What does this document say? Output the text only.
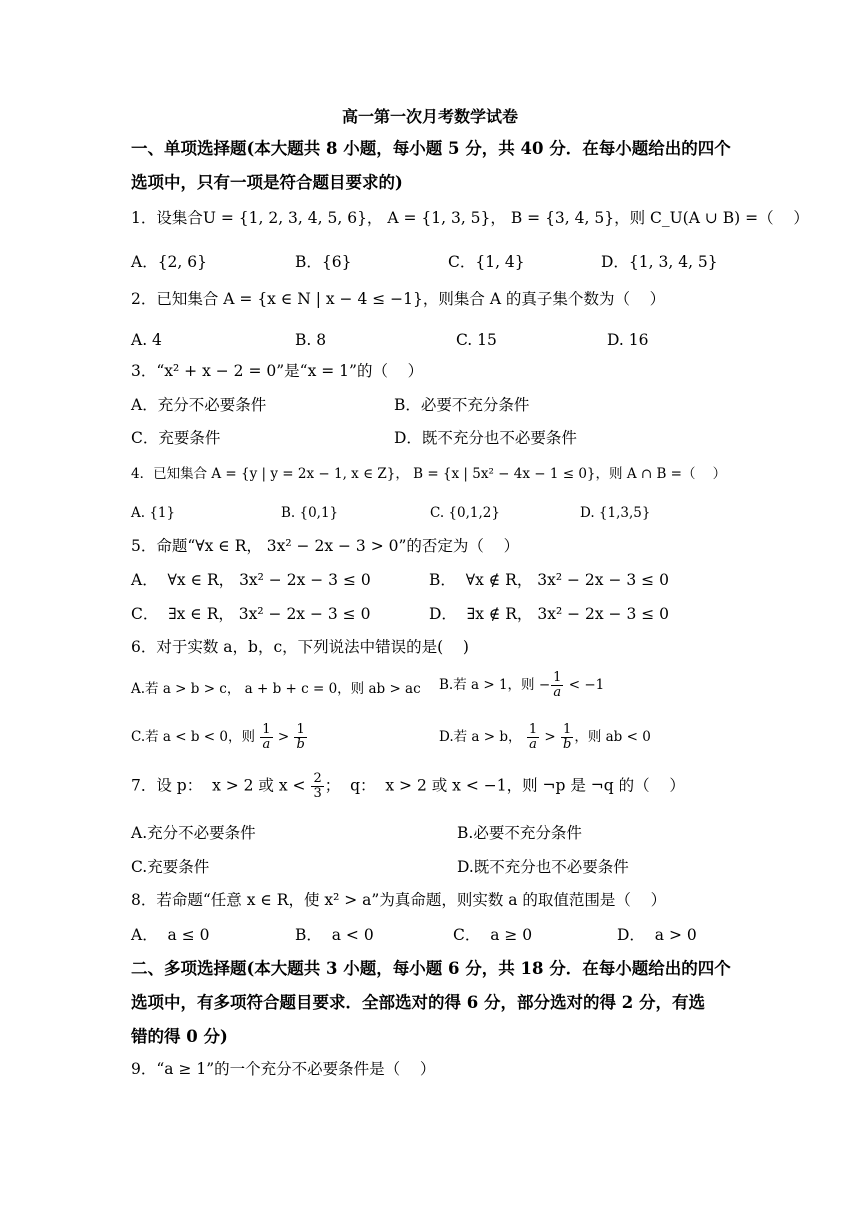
高一第一次月考数学试卷
一、单项选择题(本大题共 8 小题，每小题 5 分，共 40 分．在每小题给出的四个
选项中，只有一项是符合题目要求的)
1．设集合U = {1, 2, 3, 4, 5, 6}， A = {1, 3, 5}， B = {3, 4, 5}，则 C_U(A ∪ B) =（    ）
A．{2, 6}	B．{6}	C．{1, 4}	D．{1, 3, 4, 5}
2．已知集合 A = {x ∈ N | x − 4 ≤ −1}，则集合 A 的真子集个数为（    ）
A. 4	B. 8	C. 15	D. 16
3．“x² + x − 2 = 0”是“x = 1”的（    ）
A．充分不必要条件	B．必要不充分条件
C．充要条件	D．既不充分也不必要条件
4．已知集合 A = {y | y = 2x − 1, x ∈ Z}， B = {x | 5x² − 4x − 1 ≤ 0}，则 A ∩ B =（    ）
A. {1}	B. {0,1}	C. {0,1,2}	D. {1,3,5}
5．命题“∀x ∈ R， 3x² − 2x − 3 > 0”的否定为（    ）
A．  ∀x ∈ R， 3x² − 2x − 3 ≤ 0	B．  ∀x ∉ R， 3x² − 2x − 3 ≤ 0
C．  ∃x ∈ R， 3x² − 2x − 3 ≤ 0	D．  ∃x ∉ R， 3x² − 2x − 3 ≤ 0
6．对于实数 a，b，c，下列说法中错误的是(    )
A.若 a > b > c， a + b + c = 0，则 ab > ac B.若 a > 1，则 − $\frac{1}{a} < -1$
C.若 a < b < 0，则 $\frac{1}{a} > \frac{1}{b}$	D.若 a > b， $\frac{1}{a} > \frac{1}{b}$ ，则 ab < 0
7．设 p：  x > 2 或 $x < \frac{2}{3}$ ；  q：  x > 2 或 x < −1，则 ¬p 是 ¬q 的（    ）
A.充分不必要条件	B.必要不充分条件
C.充要条件	D.既不充分也不必要条件
8．若命题“任意 x ∈ R，使 x² > a”为真命题，则实数 a 的取值范围是（    ）
A．  a ≤ 0	B．  a < 0	C．  a ≥ 0	D．  a > 0
二、多项选择题(本大题共 3 小题，每小题 6 分，共 18 分．在每小题给出的四个
选项中，有多项符合题目要求．全部选对的得 6 分，部分选对的得 2 分，有选
错的得 0 分)
9．“a ≥ 1”的一个充分不必要条件是（    ）
